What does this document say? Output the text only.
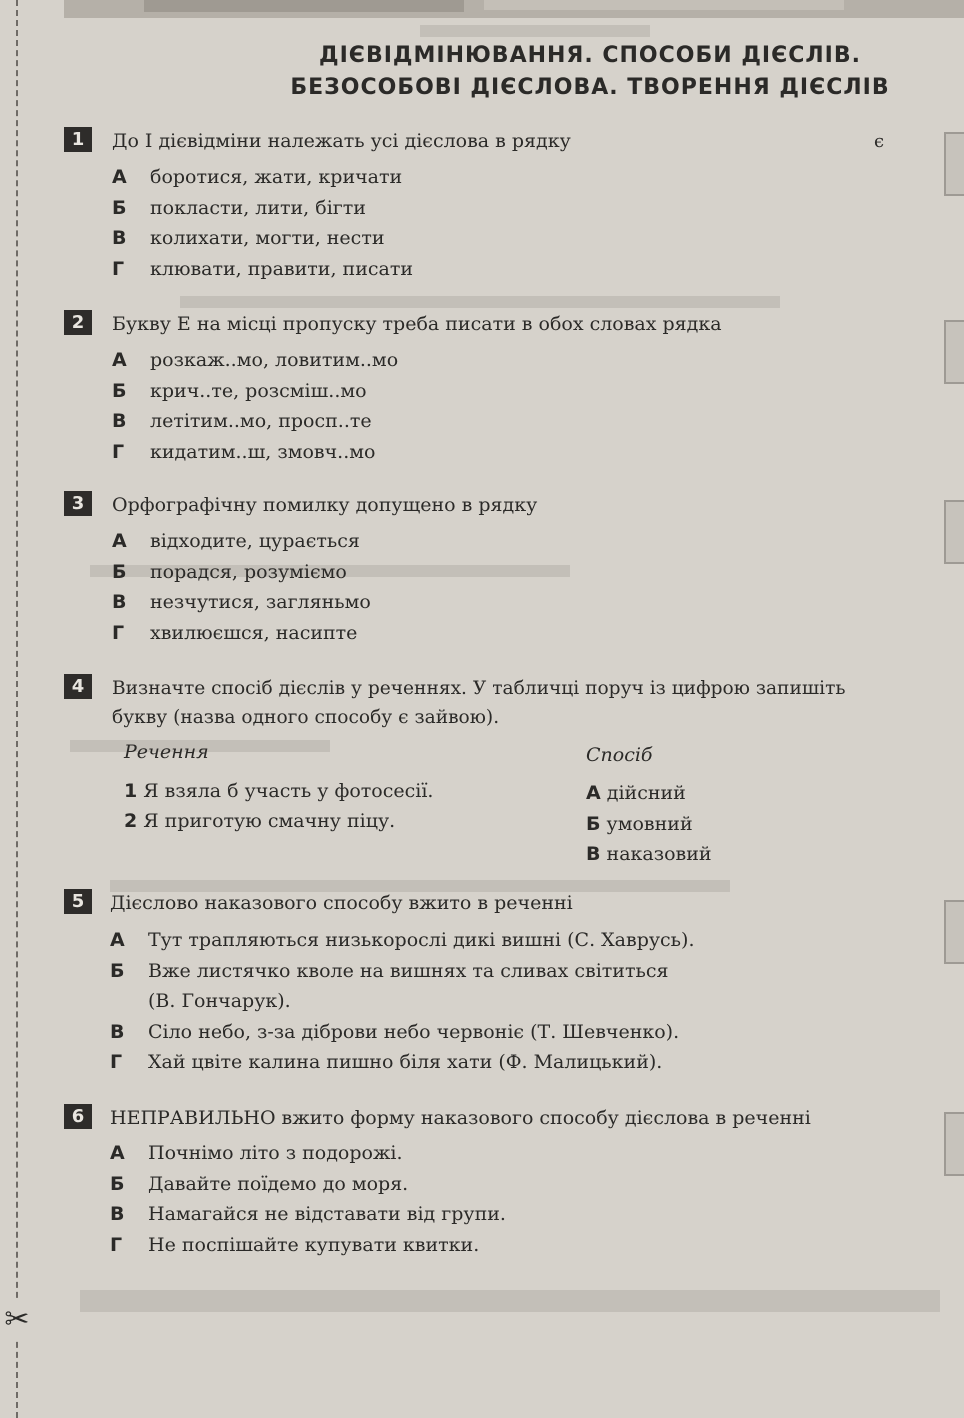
✂
ДІЄВІДМІНЮВАННЯ. СПОСОБИ ДІЄСЛІВ.
БЕЗОСОБОВІ ДІЄСЛОВА. ТВОРЕННЯ ДІЄСЛІВ
1	До І дієвідміни належать усі дієслова в рядку	є
А боротися, жати, кричати
Б покласти, лити, бігти
В колихати, могти, нести
Г клювати, правити, писати
2	Букву Е на місці пропуску треба писати в обох словах рядка
А розкаж..мо, ловитим..мо
Б крич..те, розсміш..мо
В летітим..мо, просп..те
Г кидатим..ш, змовч..мо
3	Орфографічну помилку допущено в рядку
А відходите, цурається
Б порадся, розуміємо
В незчутися, загляньмо
Г хвилюєшся, насипте
4	Визначте спосіб дієслів у реченнях. У табличці поруч із цифрою запишіть
букву (назва одного способу є зайвою).
Речення	Спосіб
1 Я взяла б участь у фотосесії.
2 Я приготую смачну піцу.
А дійсний
Б умовний
В наказовий
5	Дієслово наказового способу вжито в реченні
А Тут трапляються низькорослі дикі вишні (С. Хаврусь).
Б Вже листячко кволе на вишнях та сливах світиться
(В. Гончарук).
В Сіло небо, з-за діброви небо червоніє (Т. Шевченко).
Г Хай цвіте калина пишно біля хати (Ф. Малицький).
6	НЕПРАВИЛЬНО вжито форму наказового способу дієслова в реченні
А Почнімо літо з подорожі.
Б Давайте поїдемо до моря.
В Намагайся не відставати від групи.
Г Не поспішайте купувати квитки.
